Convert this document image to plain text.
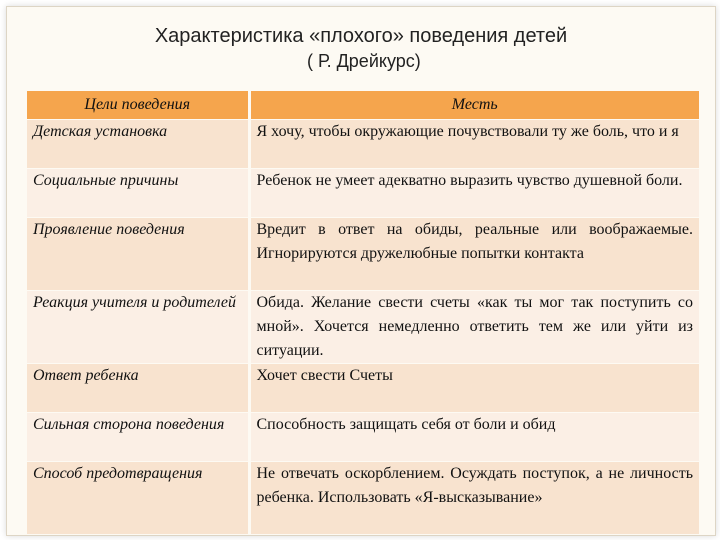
Характеристика «плохого» поведения детей
( Р. Дрейкурс)
Цели поведения	Месть
Детская установка	Я хочу, чтобы окружающие почувствовали ту же боль, что и я
Социальные причины	Ребенок не умеет адекватно выразить чувство душевной боли.
Проявление поведения	Вредит в ответ на обиды, реальные или воображаемые. Игнорируются дружелюбные попытки контакта
Реакция учителя и родителей	Обида. Желание свести счеты «как ты мог так поступить со мной». Хочется немедленно ответить тем же или уйти из ситуации.
Ответ ребенка	Хочет свести Счеты
Сильная сторона поведения	Способность защищать себя от боли и обид
Способ предотвращения	Не отвечать оскорблением. Осуждать поступок, а не личность ребенка. Использовать «Я-высказывание»
